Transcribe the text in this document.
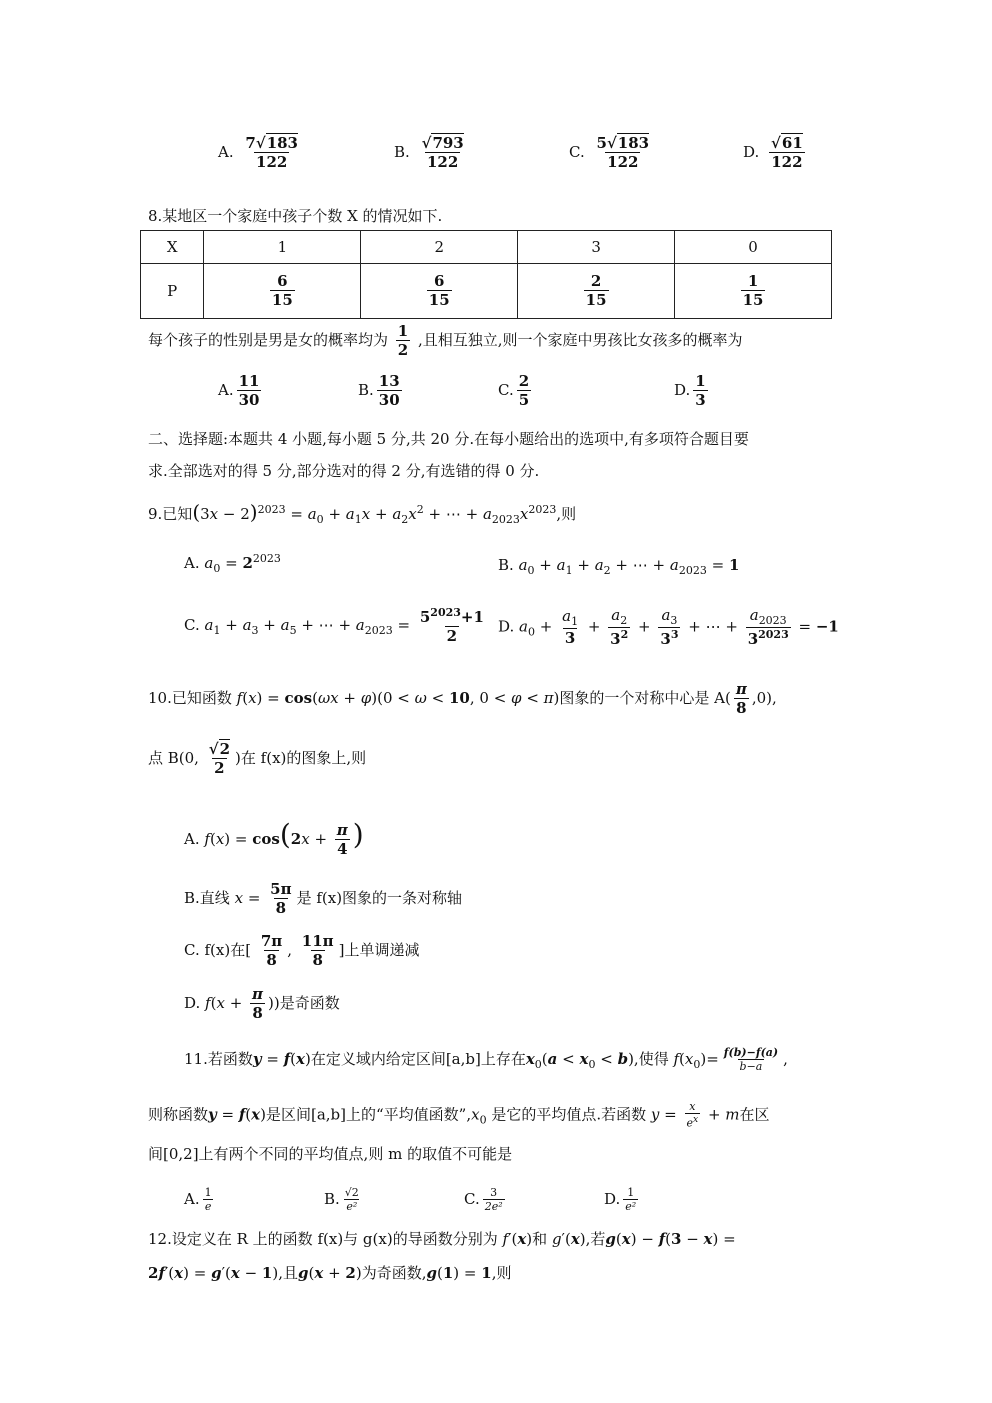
A. $\frac{7√183}{122}$	B. $\frac{√793}{122}$	C. $\frac{5√183}{122}$	D. $\frac{√61}{122}$
8.某地区一个家庭中孩子个数 X 的情况如下.
X	1	2	3	0
P	$\frac{6}{15}$	$\frac{6}{15}$	$\frac{2}{15}$	$\frac{1}{15}$
每个孩子的性别是男是女的概率均为 $\frac{1}{2}$ ,且相互独立,则一个家庭中男孩比女孩多的概率为
A. $\frac{11}{30}$	B. $\frac{13}{30}$	C. $\frac{2}{5}$	D. $\frac{1}{3}$
二、选择题:本题共 4 小题,每小题 5 分,共 20 分.在每小题给出的选项中,有多项符合题目要
求.全部选对的得 5 分,部分选对的得 2 分,有选错的得 0 分.
9.已知$(3x - 2)^{2023} = a_0 + a_1x + a_2x^2$ + ⋯ + $a_{2023}x^{2023}$,则
A. $a_0 = 2^{2023}$	B. $a_0 + a_1 + a_2$ + ⋯ + $a_{2023} = 1$
C. $a_1 + a_3 + a_5$ + ⋯ + $a_{2023} = \frac{5^{2023}+1}{2} D$. $a_0 + \frac{a_1}{3} + \frac{a_2}{3^2} + \frac{a_3}{3^3}$ + ⋯ + $\frac{a_{2023}}{3^{2023}} = -1$
10.已知函数 f(x) = cos(ωx + φ)(0 < ω < 10, 0 < φ < π)图象的一个对称中心是 $A( \frac{\pi}{8} ,0)$,
点 B(0, $\frac{√2}{2}$ )在 f(x)的图象上,则
A. $f(x) = \cos(2x + \frac{\pi}{4}$ )
B.直线 $x = \frac{5\pi}{8}$ 是 f(x)图象的一条对称轴
C. f(x)在[ $\frac{7\pi}{8}$ , $\frac{11\pi}{8}$ ]上单调递减
D. $f(x + \frac{\pi}{8}$ ))是奇函数
11.若函数y = f(x)在定义域内给定区间[a,b]上存在$x_0(a < x_0 < b)$,使得 $f(x_0)= \frac{f(b)-f(a)}{b-a}$ ,
则称函数y = f(x)是区间[a,b]上的“平均值函数$”,x_0$ 是它的平均值点.若函数 $y = \frac{x}{e^x} + m$在区
间[0,2]上有两个不同的平均值点,则 m 的取值不可能是
A. $\frac{1}{e}$	B. $\frac{√2}{\text{e²}}$	C. $\frac{3}{\text{2e²}}$	D. $\frac{1}{\text{e²}}$
12.设定义在 R 上的函数 f(x)与 g(x)的导函数分别为 f′(x)和 g′(x),若g(x) − f(3 − x) =
2f′(x) = g′(x − 1),且g(x + 2)为奇函数,g(1) = 1,则
